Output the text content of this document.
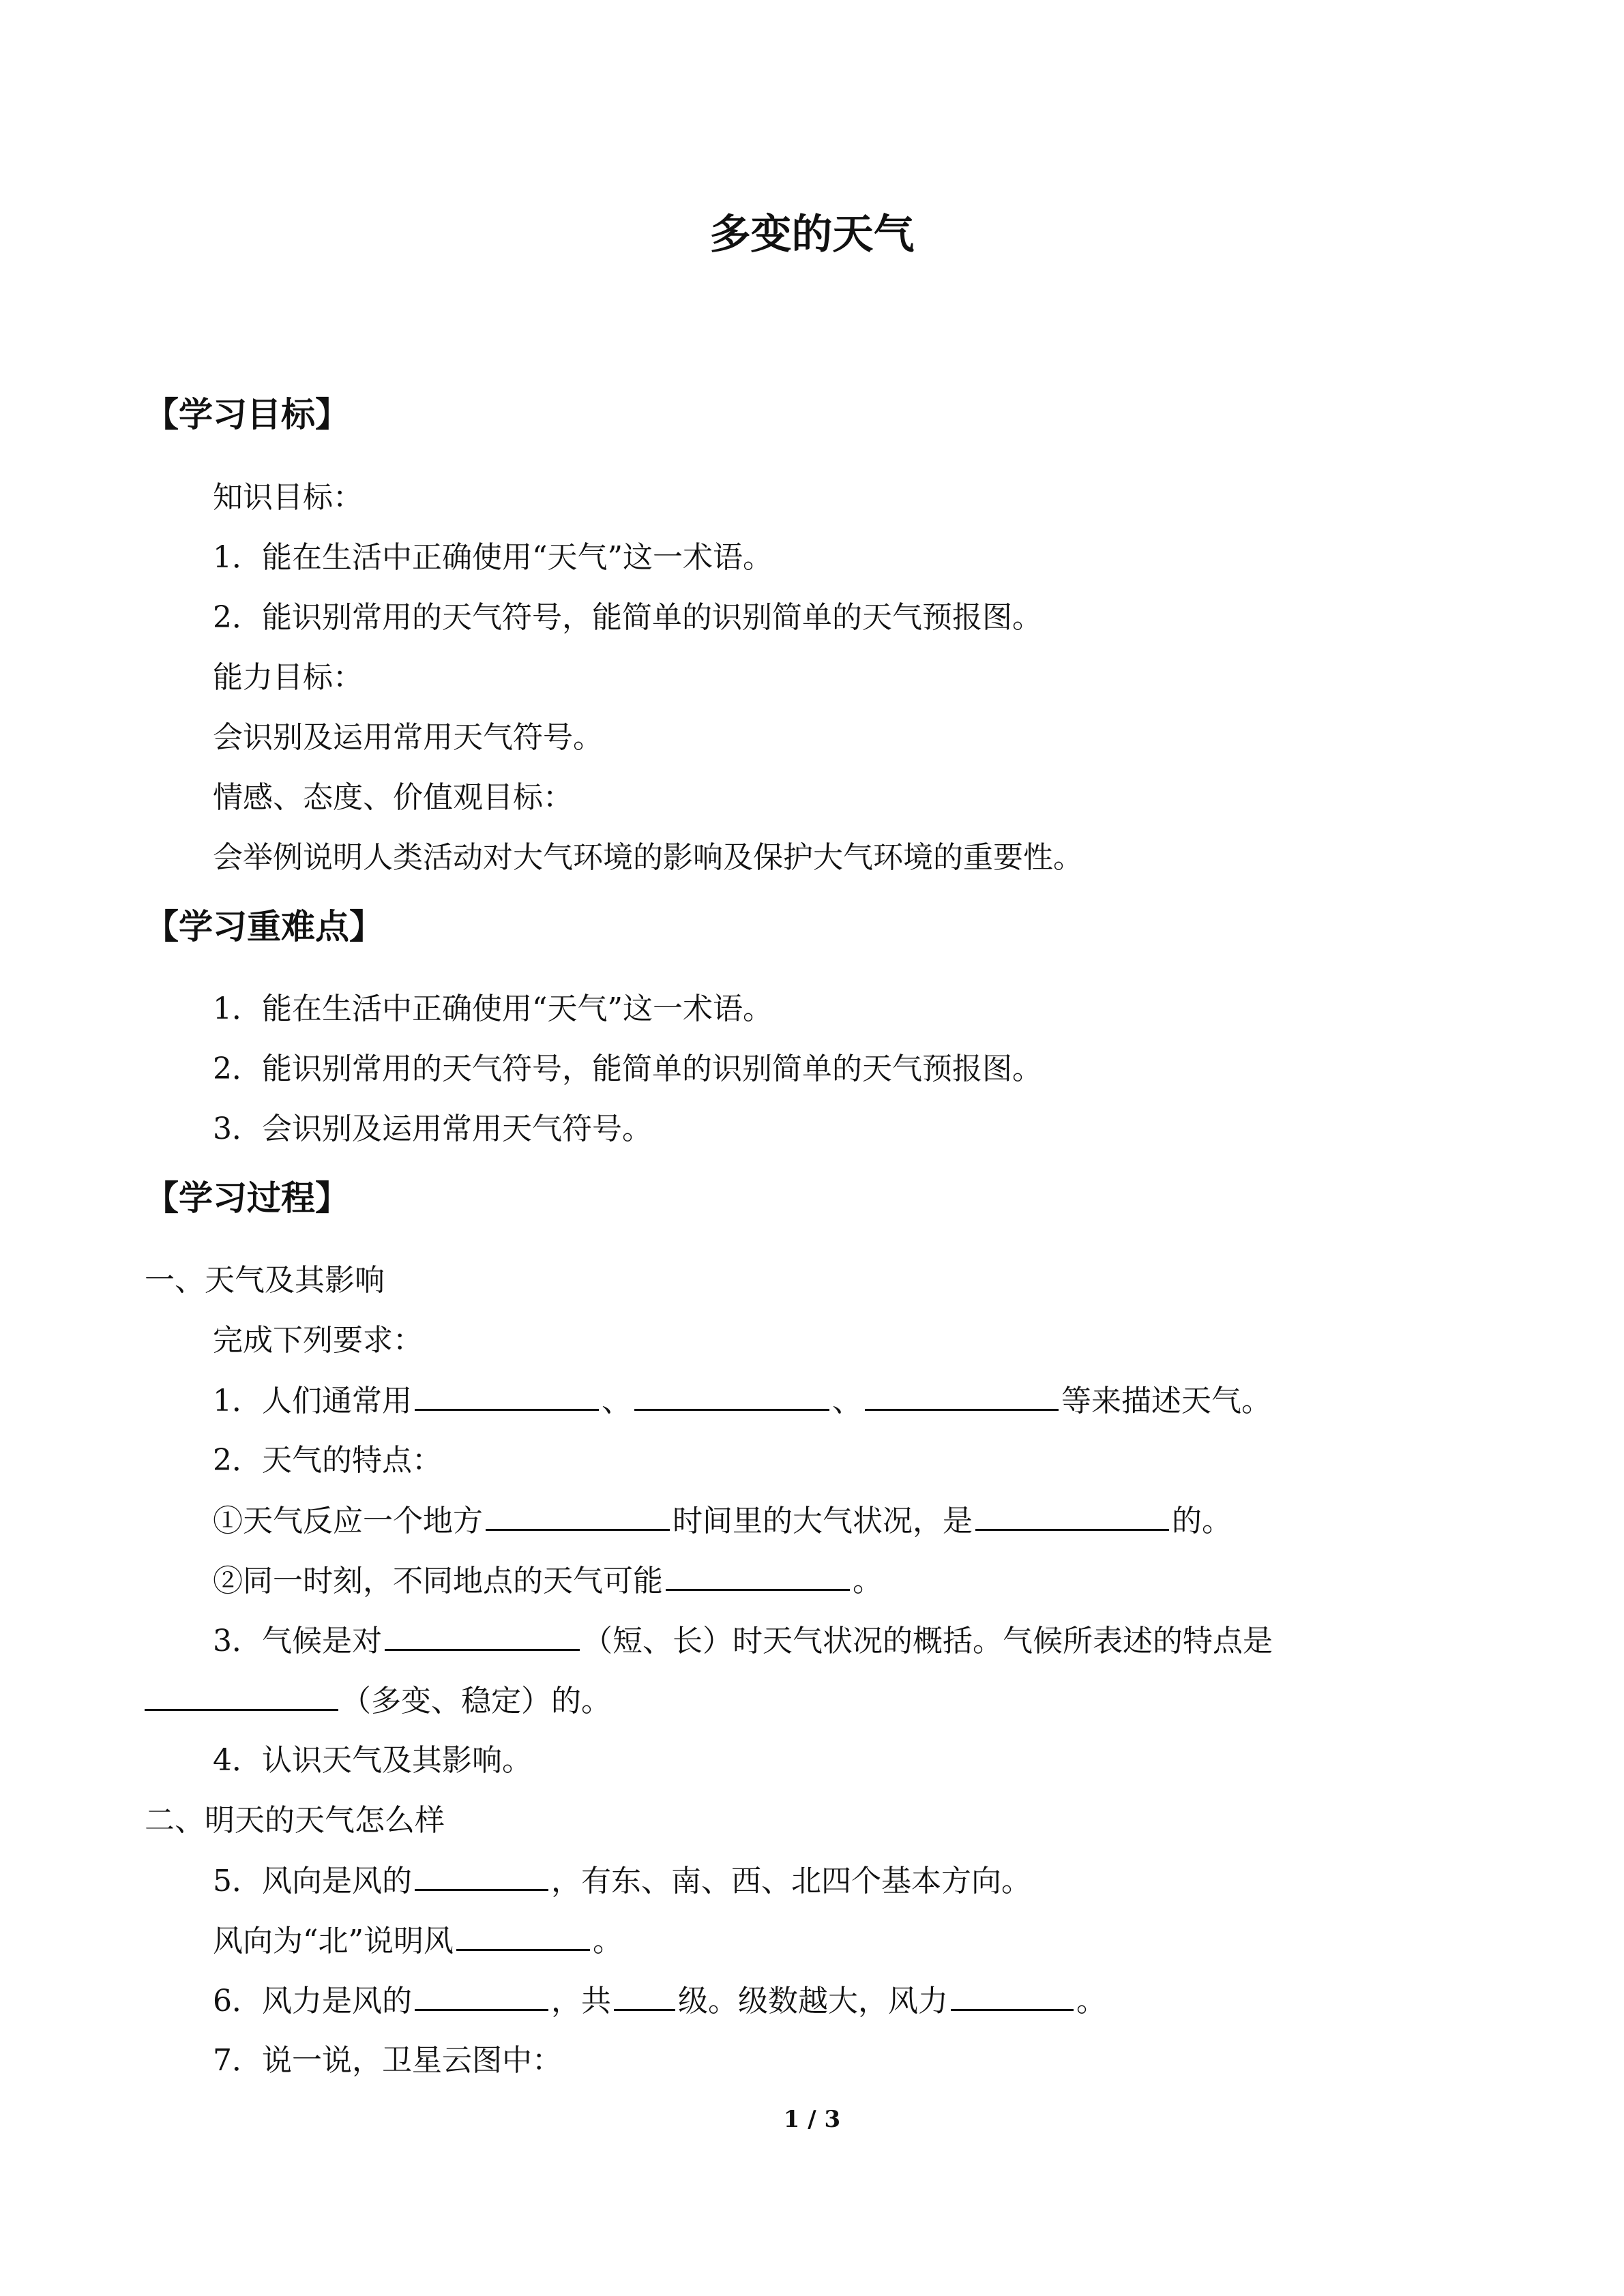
多变的天气
【学习目标】
知识目标：
1．能在生活中正确使用“天气”这一术语。
2．能识别常用的天气符号，能简单的识别简单的天气预报图。
能力目标：
会识别及运用常用天气符号。
情感、态度、价值观目标：
会举例说明人类活动对大气环境的影响及保护大气环境的重要性。
【学习重难点】
1．能在生活中正确使用“天气”这一术语。
2．能识别常用的天气符号，能简单的识别简单的天气预报图。
3．会识别及运用常用天气符号。
【学习过程】
一、天气及其影响
完成下列要求：
1．人们通常用	、	、	等来描述天气。
2．天气的特点：
①天气反应一个地方	时间里的大气状况，是	的。
②同一时刻，不同地点的天气可能	。
3．气候是对	（短、长）时天气状况的概括。气候所表述的特点是
（多变、稳定）的。
4．认识天气及其影响。
二、明天的天气怎么样
5．风向是风的	，有东、南、西、北四个基本方向。
风向为“北”说明风	。
6．风力是风的	，共 级。级数越大，风力	。
7．说一说，卫星云图中：
1 / 3
